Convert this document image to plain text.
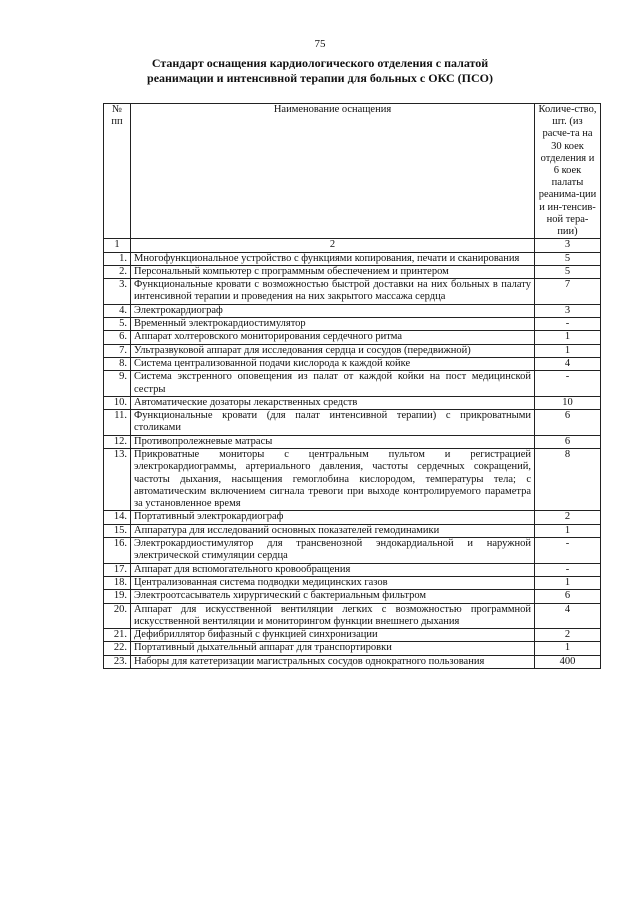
75
Стандарт оснащения кардиологического отделения с палатой
реанимации и интенсивной терапии для больных с ОКС (ПСО)
№ пп	Наименование оснащения	Количе-ство, шт. (из расче-та на 30 коек отделения и 6 коек палаты реанима-ции и ин-тенсив-ной тера-пии)
1	2	3
1.	Многофункциональное устройство с функциями копирования, печати и сканирования	5
2.	Персональный компьютер с программным обеспечением и принтером	5
3.	Функциональные кровати с возможностью быстрой доставки на них больных в палату интенсивной терапии и проведения на них закрытого массажа сердца	7
4.	Электрокардиограф	3
5.	Временный электрокардиостимулятор	-
6.	Аппарат холтеровского мониторирования сердечного ритма	1
7.	Ультразвуковой аппарат для исследования сердца и сосудов (передвижной)	1
8.	Система централизованной подачи кислорода к каждой койке	4
9.	Система экстренного оповещения из палат от каждой койки на пост медицинской сестры	-
10.	Автоматические дозаторы лекарственных средств	10
11.	Функциональные кровати (для палат интенсивной терапии) с прикроватными столиками	6
12.	Противопролежневые матрасы	6
13.	Прикроватные мониторы с центральным пультом и регистрацией электрокардиограммы, артериального давления, частоты сердечных сокращений, частоты дыхания, насыщения гемоглобина кислородом, температуры тела; с автоматическим включением сигнала тревоги при выходе контролируемого параметра за установленное время	8
14.	Портативный электрокардиограф	2
15.	Аппаратура для исследований основных показателей гемодинамики	1
16.	Электрокардиостимулятор для трансвенозной эндокардиальной и наружной электрической стимуляции сердца	-
17.	Аппарат для вспомогательного кровообращения	-
18.	Централизованная система подводки медицинских газов	1
19.	Электроотсасыватель хирургический с бактериальным фильтром	6
20.	Аппарат для искусственной вентиляции легких с возможностью программной искусственной вентиляции и мониторингом функции внешнего дыхания	4
21.	Дефибриллятор бифазный с функцией синхронизации	2
22.	Портативный дыхательный аппарат для транспортировки	1
23.	Наборы для катетеризации магистральных сосудов однократного пользования	400
